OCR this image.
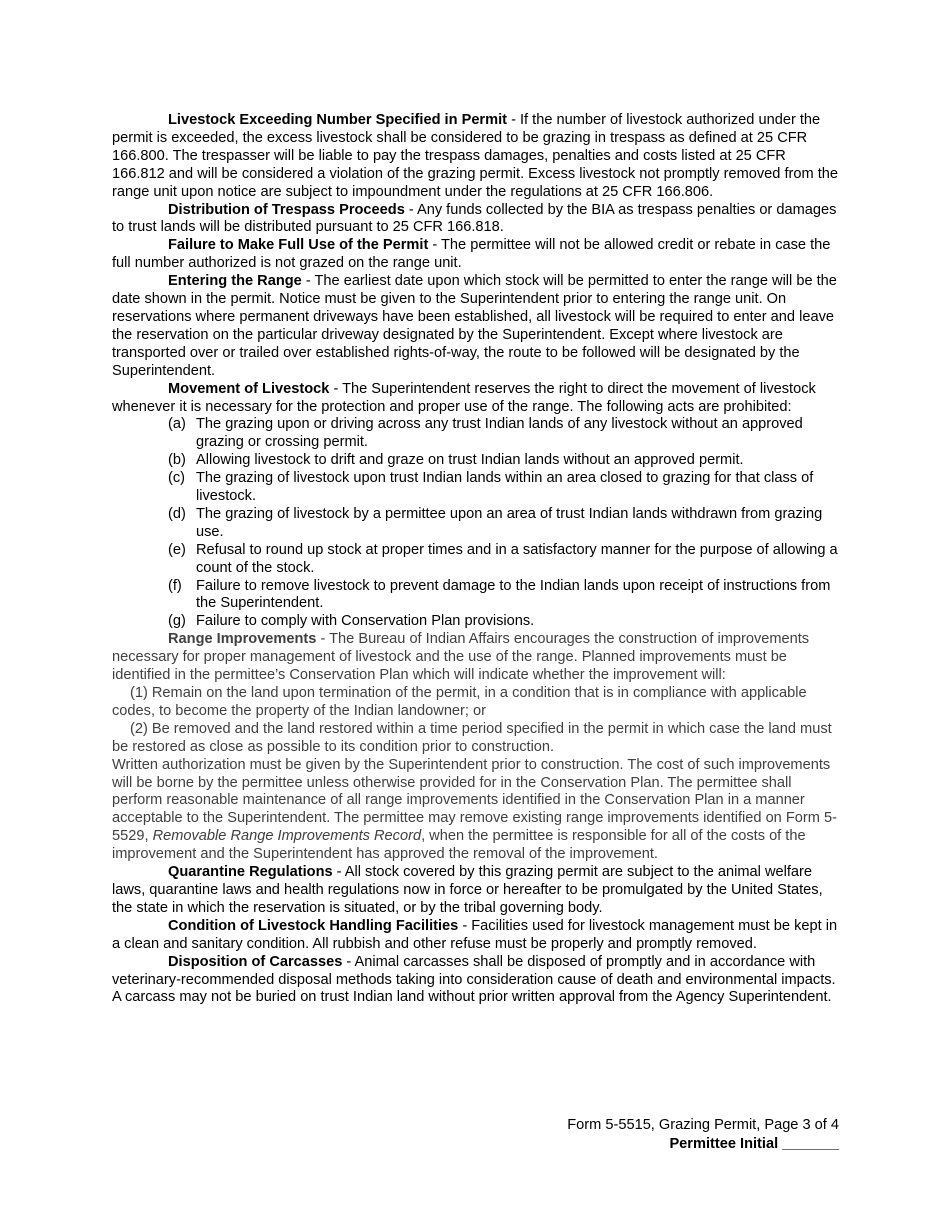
Livestock Exceeding Number Specified in Permit - If the number of livestock authorized under the permit is exceeded, the excess livestock shall be considered to be grazing in trespass as defined at 25 CFR 166.800. The trespasser will be liable to pay the trespass damages, penalties and costs listed at 25 CFR 166.812 and will be considered a violation of the grazing permit. Excess livestock not promptly removed from the range unit upon notice are subject to impoundment under the regulations at 25 CFR 166.806.

Distribution of Trespass Proceeds - Any funds collected by the BIA as trespass penalties or damages to trust lands will be distributed pursuant to 25 CFR 166.818.

Failure to Make Full Use of the Permit - The permittee will not be allowed credit or rebate in case the full number authorized is not grazed on the range unit.

Entering the Range - The earliest date upon which stock will be permitted to enter the range will be the date shown in the permit. Notice must be given to the Superintendent prior to entering the range unit. On reservations where permanent driveways have been established, all livestock will be required to enter and leave the reservation on the particular driveway designated by the Superintendent. Except where livestock are transported over or trailed over established rights-of-way, the route to be followed will be designated by the Superintendent.

Movement of Livestock - The Superintendent reserves the right to direct the movement of livestock whenever it is necessary for the protection and proper use of the range. The following acts are prohibited:

(a) The grazing upon or driving across any trust Indian lands of any livestock without an approved grazing or crossing permit.
(b) Allowing livestock to drift and graze on trust Indian lands without an approved permit.
(c) The grazing of livestock upon trust Indian lands within an area closed to grazing for that class of livestock.
(d) The grazing of livestock by a permittee upon an area of trust Indian lands withdrawn from grazing use.
(e) Refusal to round up stock at proper times and in a satisfactory manner for the purpose of allowing a count of the stock.
(f) Failure to remove livestock to prevent damage to the Indian lands upon receipt of instructions from the Superintendent.
(g) Failure to comply with Conservation Plan provisions.

Range Improvements - The Bureau of Indian Affairs encourages the construction of improvements necessary for proper management of livestock and the use of the range. Planned improvements must be identified in the permittee’s Conservation Plan which will indicate whether the improvement will:

(1) Remain on the land upon termination of the permit, in a condition that is in compliance with applicable codes, to become the property of the Indian landowner; or

(2) Be removed and the land restored within a time period specified in the permit in which case the land must be restored as close as possible to its condition prior to construction.

Written authorization must be given by the Superintendent prior to construction. The cost of such improvements will be borne by the permittee unless otherwise provided for in the Conservation Plan. The permittee shall perform reasonable maintenance of all range improvements identified in the Conservation Plan in a manner acceptable to the Superintendent. The permittee may remove existing range improvements identified on Form 5-5529, Removable Range Improvements Record, when the permittee is responsible for all of the costs of the improvement and the Superintendent has approved the removal of the improvement.

Quarantine Regulations - All stock covered by this grazing permit are subject to the animal welfare laws, quarantine laws and health regulations now in force or hereafter to be promulgated by the United States, the state in which the reservation is situated, or by the tribal governing body.

Condition of Livestock Handling Facilities - Facilities used for livestock management must be kept in a clean and sanitary condition. All rubbish and other refuse must be properly and promptly removed.

Disposition of Carcasses - Animal carcasses shall be disposed of promptly and in accordance with veterinary-recommended disposal methods taking into consideration cause of death and environmental impacts. A carcass may not be buried on trust Indian land without prior written approval from the Agency Superintendent.

Form 5-5515, Grazing Permit, Page 3 of 4
Permittee Initial _______
